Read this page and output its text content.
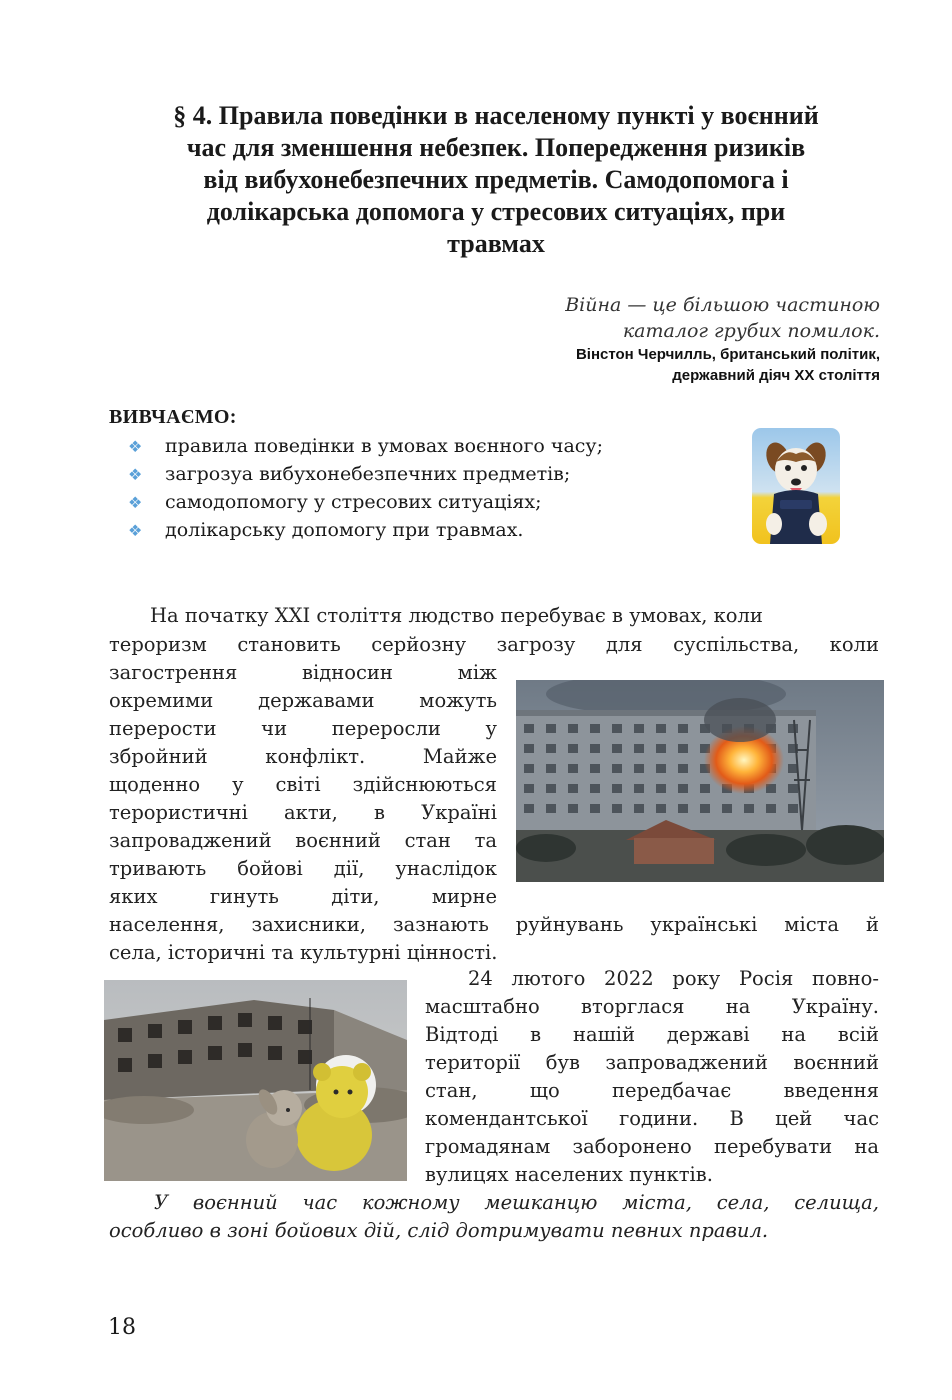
§ 4. Правила поведінки в населеному пункті у воєнний
час для зменшення небезпек. Попередження ризиків
від вибухонебезпечних предметів. Самодопомога і
долікарська допомога у стресових ситуаціях, при
травмах
Війна — це більшою частиною
каталог грубих помилок.
Вінстон Черчилль, британський політик,
державний діяч XX століття
ВИВЧАЄМО:
❖ правила поведінки в умовах воєнного часу;
❖ загрозуа вибухонебезпечних предметів;
❖ самодопомогу у стресових ситуаціях;
❖ долікарську допомогу при травмах.
На початку XXI століття людство перебуває в умовах, коли
тероризм становить серйозну загрозу для суспільства, коли
загострення відносин між
окремими державами можуть
перерости чи переросли у
збройний конфлікт. Майже
щоденно у світі здійснюються
терористичні акти, в Україні
запроваджений воєнний стан та
тривають бойові дії, унаслідок
яких гинуть діти, мирне
населення, захисники, зазнають руйнувань українські міста й
села, історичні та культурні цінності.
24 лютого 2022 року Росія повно-
масштабно вторглася на Україну.
Відтоді в нашій державі на всій
території був запроваджений воєнний
стан, що передбачає введення
комендантської години. В цей час
громадянам заборонено перебувати на
вулицях населених пунктів.
У воєнний час кожному мешканцю міста, села, селища,
особливо в зоні бойових дій, слід дотримувати певних правил.
18
